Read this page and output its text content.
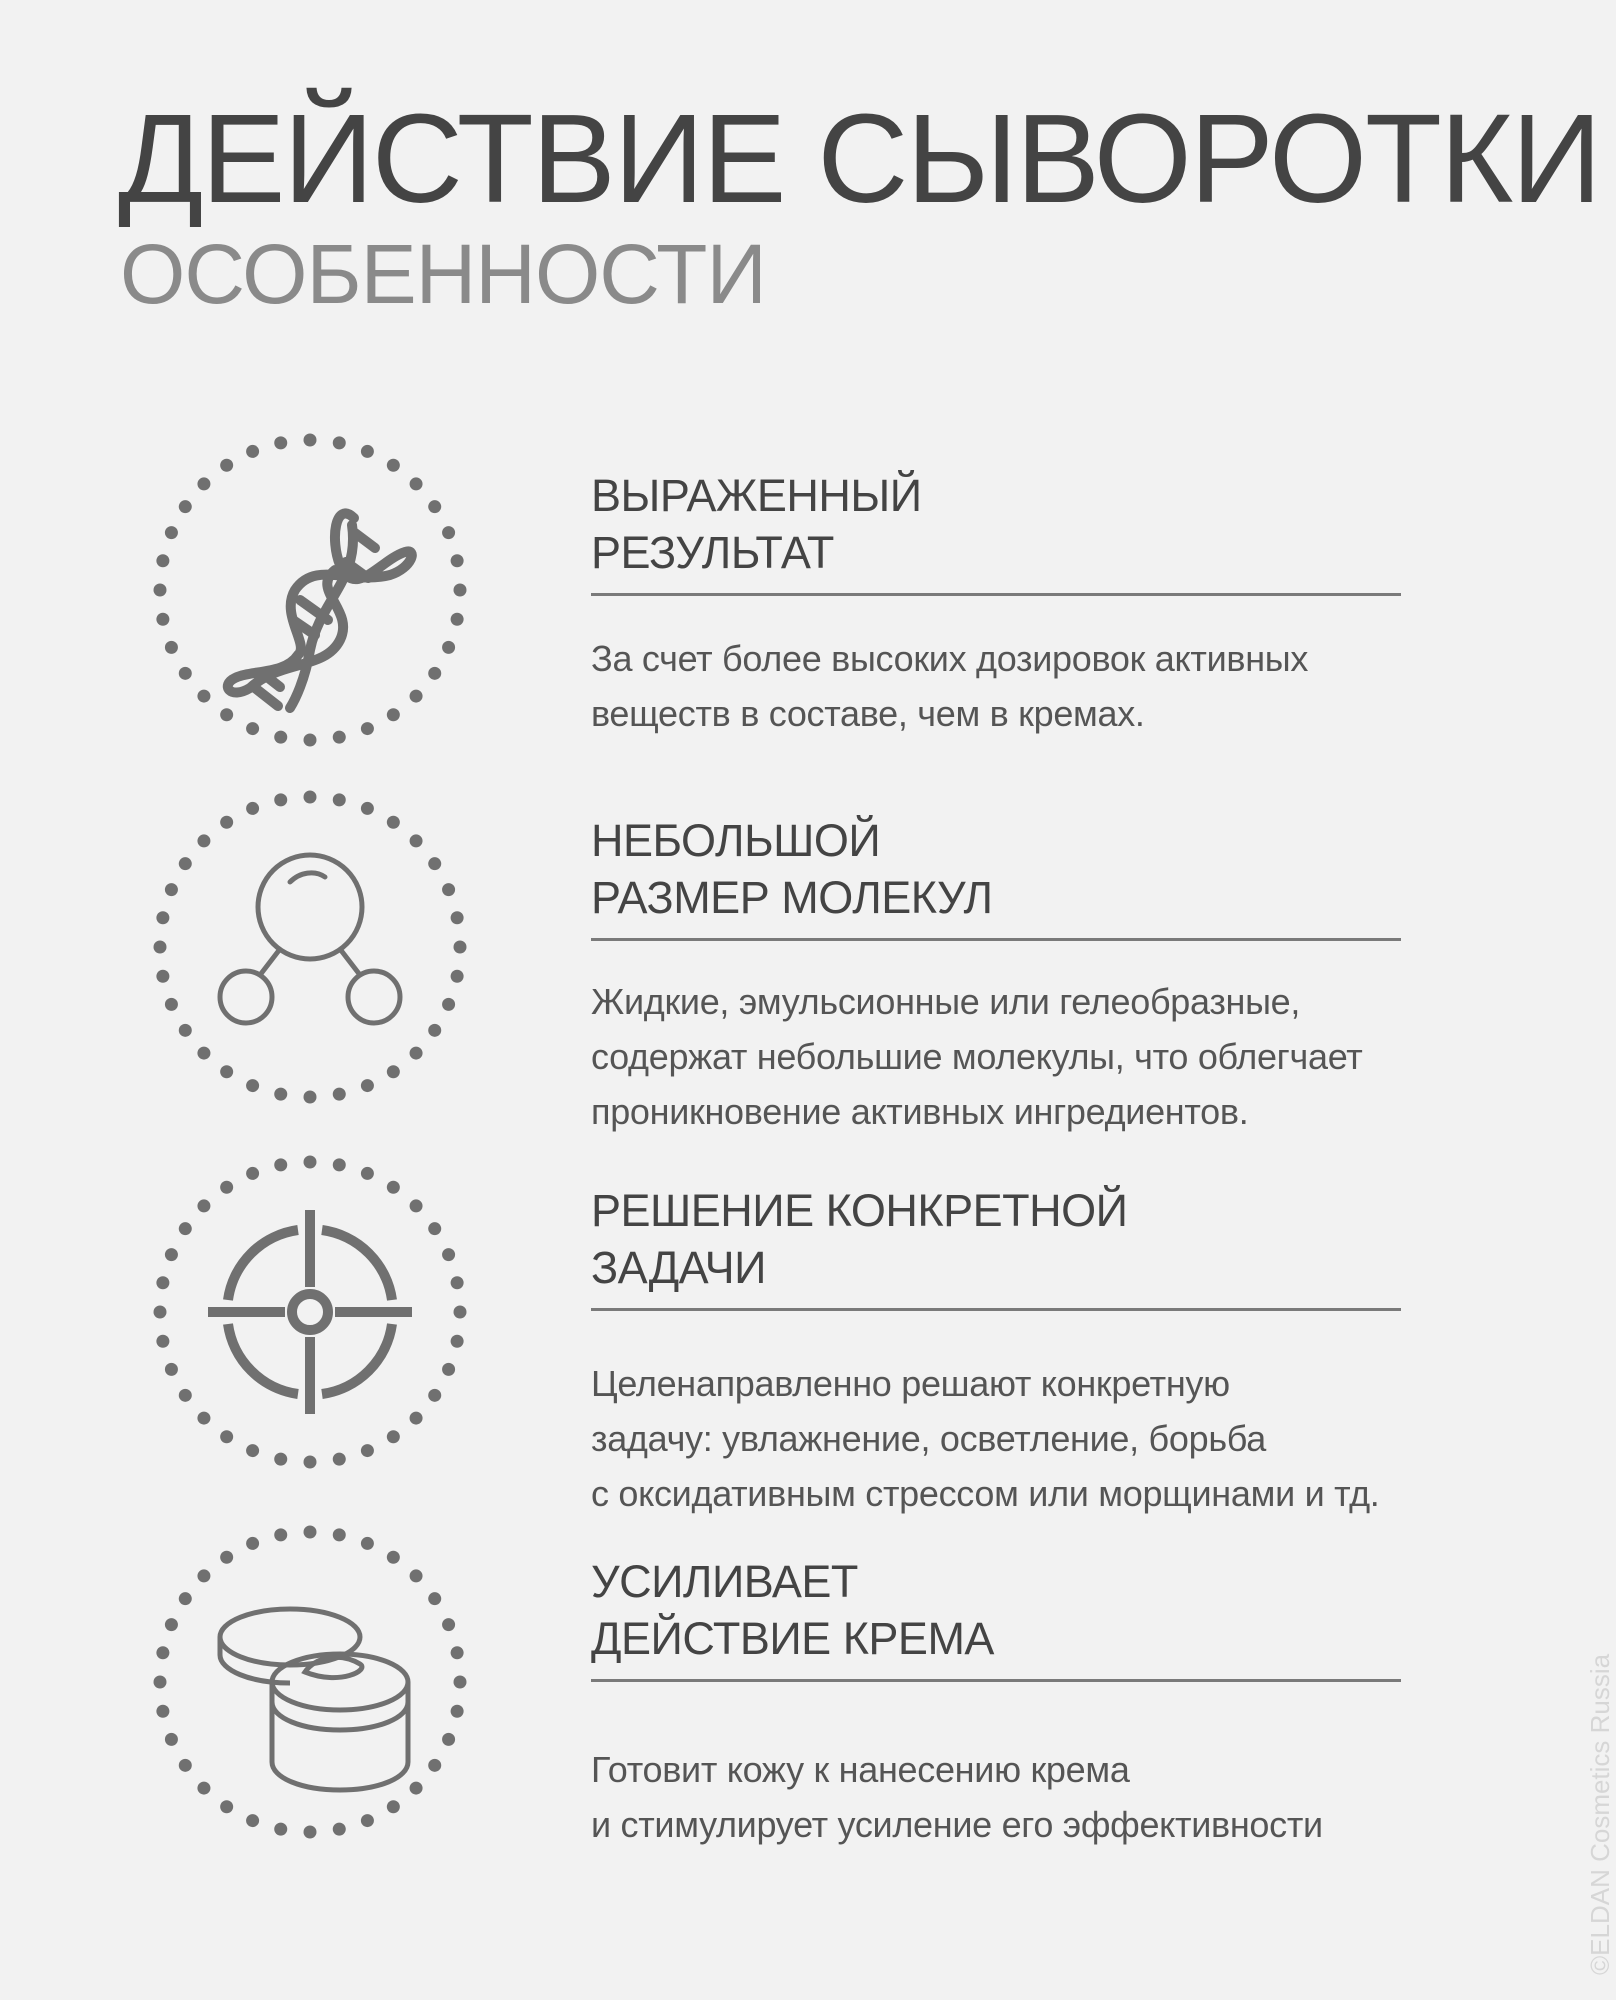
ДЕЙСТВИЕ СЫВОРОТКИ
ОСОБЕННОСТИ
ВЫРАЖЕННЫЙ
РЕЗУЛЬТАТ
За счет более высоких дозировок активных
веществ в составе, чем в кремах.
НЕБОЛЬШОЙ
РАЗМЕР МОЛЕКУЛ
Жидкие, эмульсионные или гелеобразные,
содержат небольшие молекулы, что облегчает
проникновение активных ингредиентов.
РЕШЕНИЕ КОНКРЕТНОЙ
ЗАДАЧИ
Целенаправленно решают конкретную
задачу: увлажнение, осветление, борьба
с оксидативным стрессом или морщинами и тд.
УСИЛИВАЕТ
ДЕЙСТВИЕ КРЕМА
Готовит кожу к нанесению крема
и стимулирует усиление его эффективности	©ELDAN Cosmetics Russia
